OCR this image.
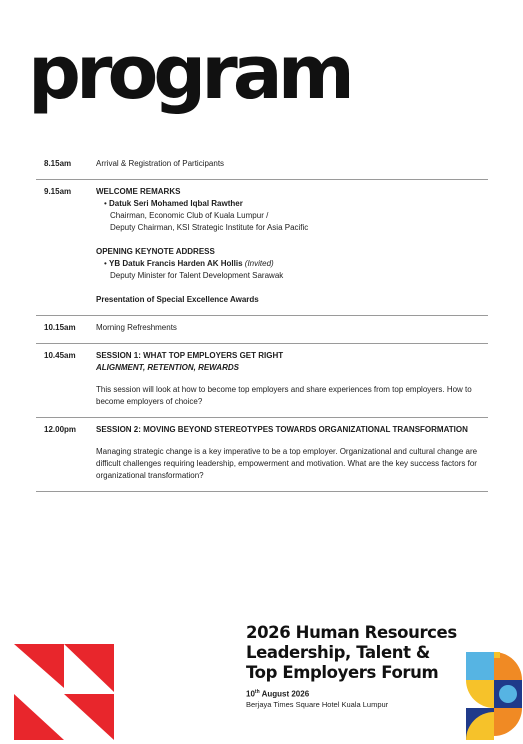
program
8.15am	Arrival & Registration of Participants
9.15am	WELCOME REMARKS
• Datuk Seri Mohamed Iqbal Rawther
Chairman, Economic Club of Kuala Lumpur /
Deputy Chairman, KSI Strategic Institute for Asia Pacific
OPENING KEYNOTE ADDRESS
• YB Datuk Francis Harden AK Hollis (Invited)
Deputy Minister for Talent Development Sarawak
Presentation of Special Excellence Awards
10.15am	Morning Refreshments
10.45am	SESSION 1: WHAT TOP EMPLOYERS GET RIGHT
ALIGNMENT, RETENTION, REWARDS
This session will look at how to become top employers and share experiences from top employers. How to become employers of choice?
12.00pm	SESSION 2: MOVING BEYOND STEREOTYPES TOWARDS ORGANIZATIONAL TRANSFORMATION
Managing strategic change is a key imperative to be a top employer. Organizational and cultural change are difficult challenges requiring leadership, empowerment and motivation. What are the key success factors for organizational transformation?
2026 Human Resources
Leadership, Talent &
Top Employers Forum
10th August 2026
Berjaya Times Square Hotel Kuala Lumpur
